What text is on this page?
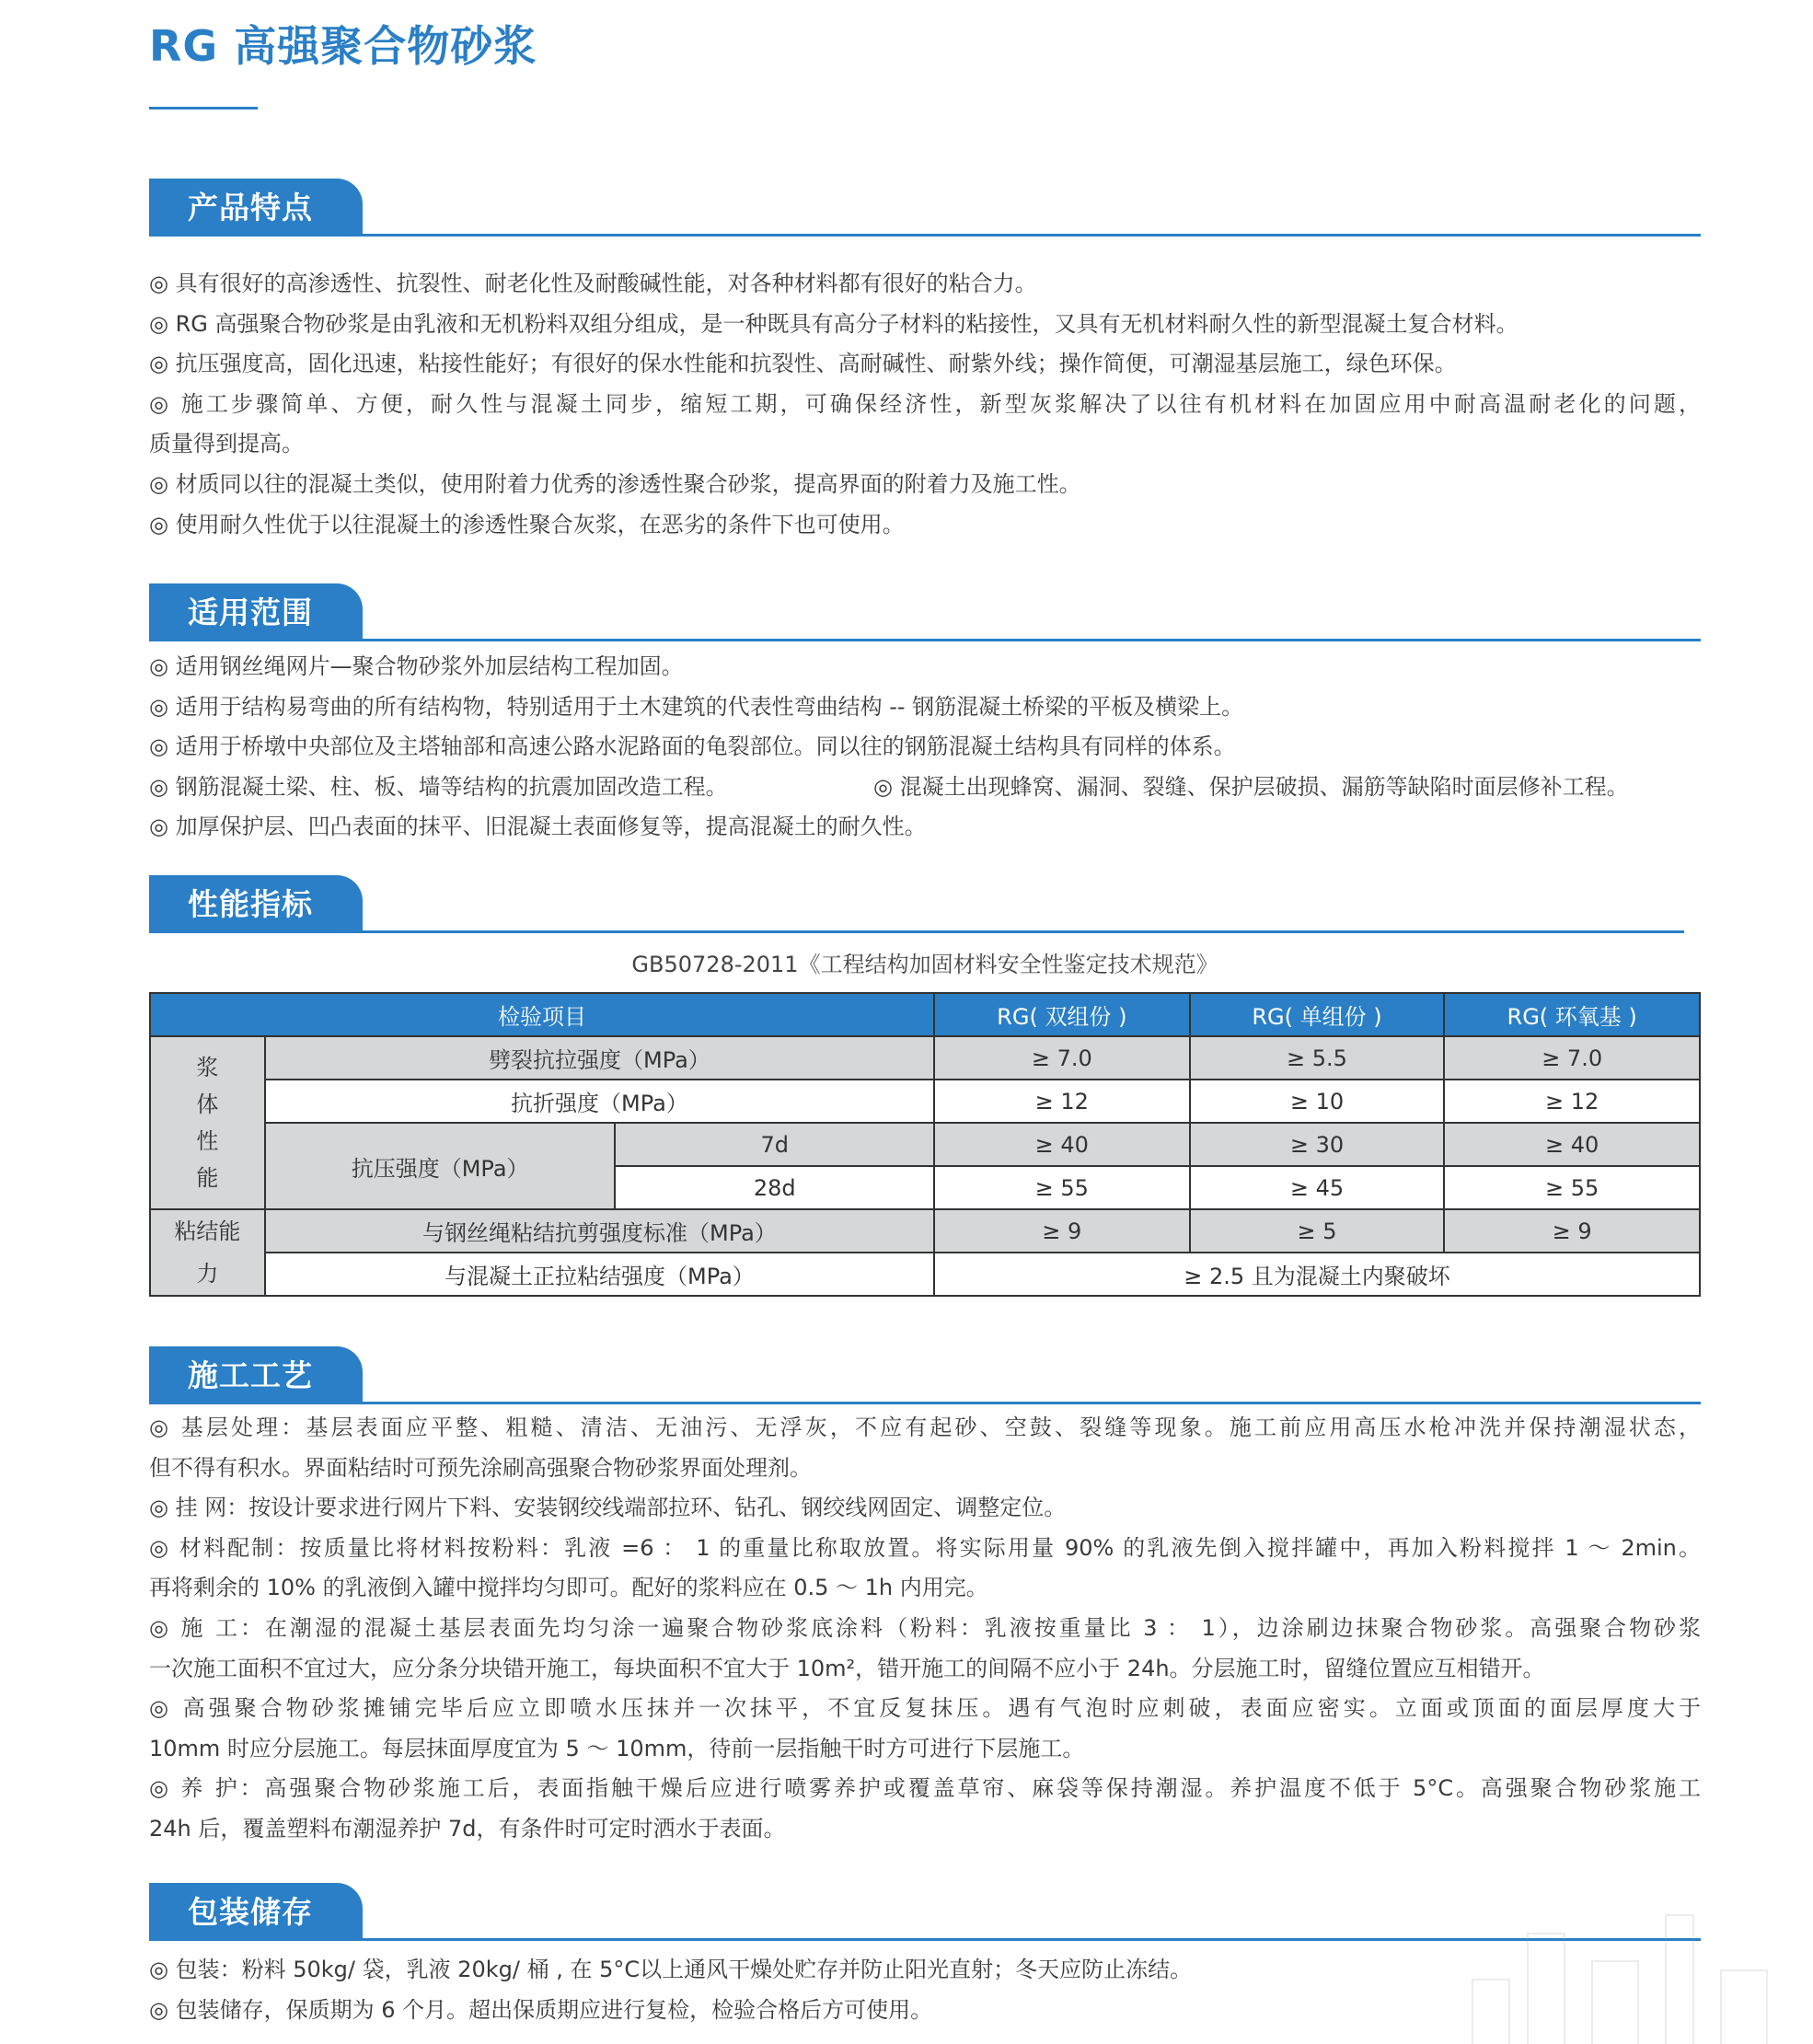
RG 高强聚合物砂浆
产品特点
◎ 具有很好的高渗透性、抗裂性、耐老化性及耐酸碱性能，对各种材料都有很好的粘合力。
◎ RG 高强聚合物砂浆是由乳液和无机粉料双组分组成，是一种既具有高分子材料的粘接性，又具有无机材料耐久性的新型混凝土复合材料。
◎ 抗压强度高，固化迅速，粘接性能好；有很好的保水性能和抗裂性、高耐碱性、耐紫外线；操作简便，可潮湿基层施工，绿色环保。
◎ 施工步骤简单、方便，耐久性与混凝土同步，缩短工期，可确保经济性，新型灰浆解决了以往有机材料在加固应用中耐高温耐老化的问题，
质量得到提高。
◎ 材质同以往的混凝土类似，使用附着力优秀的渗透性聚合砂浆，提高界面的附着力及施工性。
◎ 使用耐久性优于以往混凝土的渗透性聚合灰浆，在恶劣的条件下也可使用。
适用范围
◎ 适用钢丝绳网片—聚合物砂浆外加层结构工程加固。
◎ 适用于结构易弯曲的所有结构物，特别适用于土木建筑的代表性弯曲结构 -- 钢筋混凝土桥梁的平板及横梁上。
◎ 适用于桥墩中央部位及主塔轴部和高速公路水泥路面的龟裂部位。同以往的钢筋混凝土结构具有同样的体系。
◎ 钢筋混凝土梁、柱、板、墙等结构的抗震加固改造工程。	◎ 混凝土出现蜂窝、漏洞、裂缝、保护层破损、漏筋等缺陷时面层修补工程。
◎ 加厚保护层、凹凸表面的抹平、旧混凝土表面修复等，提高混凝土的耐久性。
性能指标
GB50728-2011《工程结构加固材料安全性鉴定技术规范》
检验项目			RG( 双组份 )	RG( 单组份 )	RG( 环氧基 )
浆
体
性
能	劈裂抗拉强度（MPa）		≥ 7.0	≥ 5.5	≥ 7.0
	抗折强度（MPa）		≥ 12	≥ 10	≥ 12
	抗压强度（MPa）	7d	≥ 40	≥ 30	≥ 40
		28d	≥ 55	≥ 45	≥ 55
粘结能
力	与钢丝绳粘结抗剪强度标准（MPa）		≥ 9	≥ 5	≥ 9
	与混凝土正拉粘结强度（MPa）		≥ 2.5 且为混凝土内聚破坏		
施工工艺
◎ 基层处理：基层表面应平整、粗糙、清洁、无油污、无浮灰，不应有起砂、空鼓、裂缝等现象。施工前应用高压水枪冲洗并保持潮湿状态，
但不得有积水。界面粘结时可预先涂刷高强聚合物砂浆界面处理剂。
◎ 挂 网：按设计要求进行网片下料、安装钢绞线端部拉环、钻孔、钢绞线网固定、调整定位。
◎ 材料配制：按质量比将材料按粉料：乳液 =6 ： 1 的重量比称取放置。将实际用量 90% 的乳液先倒入搅拌罐中，再加入粉料搅拌 1 ～ 2min。
再将剩余的 10% 的乳液倒入罐中搅拌均匀即可。配好的浆料应在 0.5 ～ 1h 内用完。
◎ 施 工：在潮湿的混凝土基层表面先均匀涂一遍聚合物砂浆底涂料（粉料：乳液按重量比 3 ： 1），边涂刷边抹聚合物砂浆。高强聚合物砂浆
一次施工面积不宜过大，应分条分块错开施工，每块面积不宜大于 10m²，错开施工的间隔不应小于 24h。分层施工时，留缝位置应互相错开。
◎ 高强聚合物砂浆摊铺完毕后应立即喷水压抹并一次抹平，不宜反复抹压。遇有气泡时应刺破，表面应密实。立面或顶面的面层厚度大于
10mm 时应分层施工。每层抹面厚度宜为 5 ～ 10mm，待前一层指触干时方可进行下层施工。
◎ 养 护：高强聚合物砂浆施工后，表面指触干燥后应进行喷雾养护或覆盖草帘、麻袋等保持潮湿。养护温度不低于 5°C。高强聚合物砂浆施工
24h 后，覆盖塑料布潮湿养护 7d，有条件时可定时洒水于表面。
包装储存
◎ 包装：粉料 50kg/ 袋，乳液 20kg/ 桶 , 在 5°C以上通风干燥处贮存并防止阳光直射；冬天应防止冻结。
◎ 包装储存，保质期为 6 个月。超出保质期应进行复检，检验合格后方可使用。
